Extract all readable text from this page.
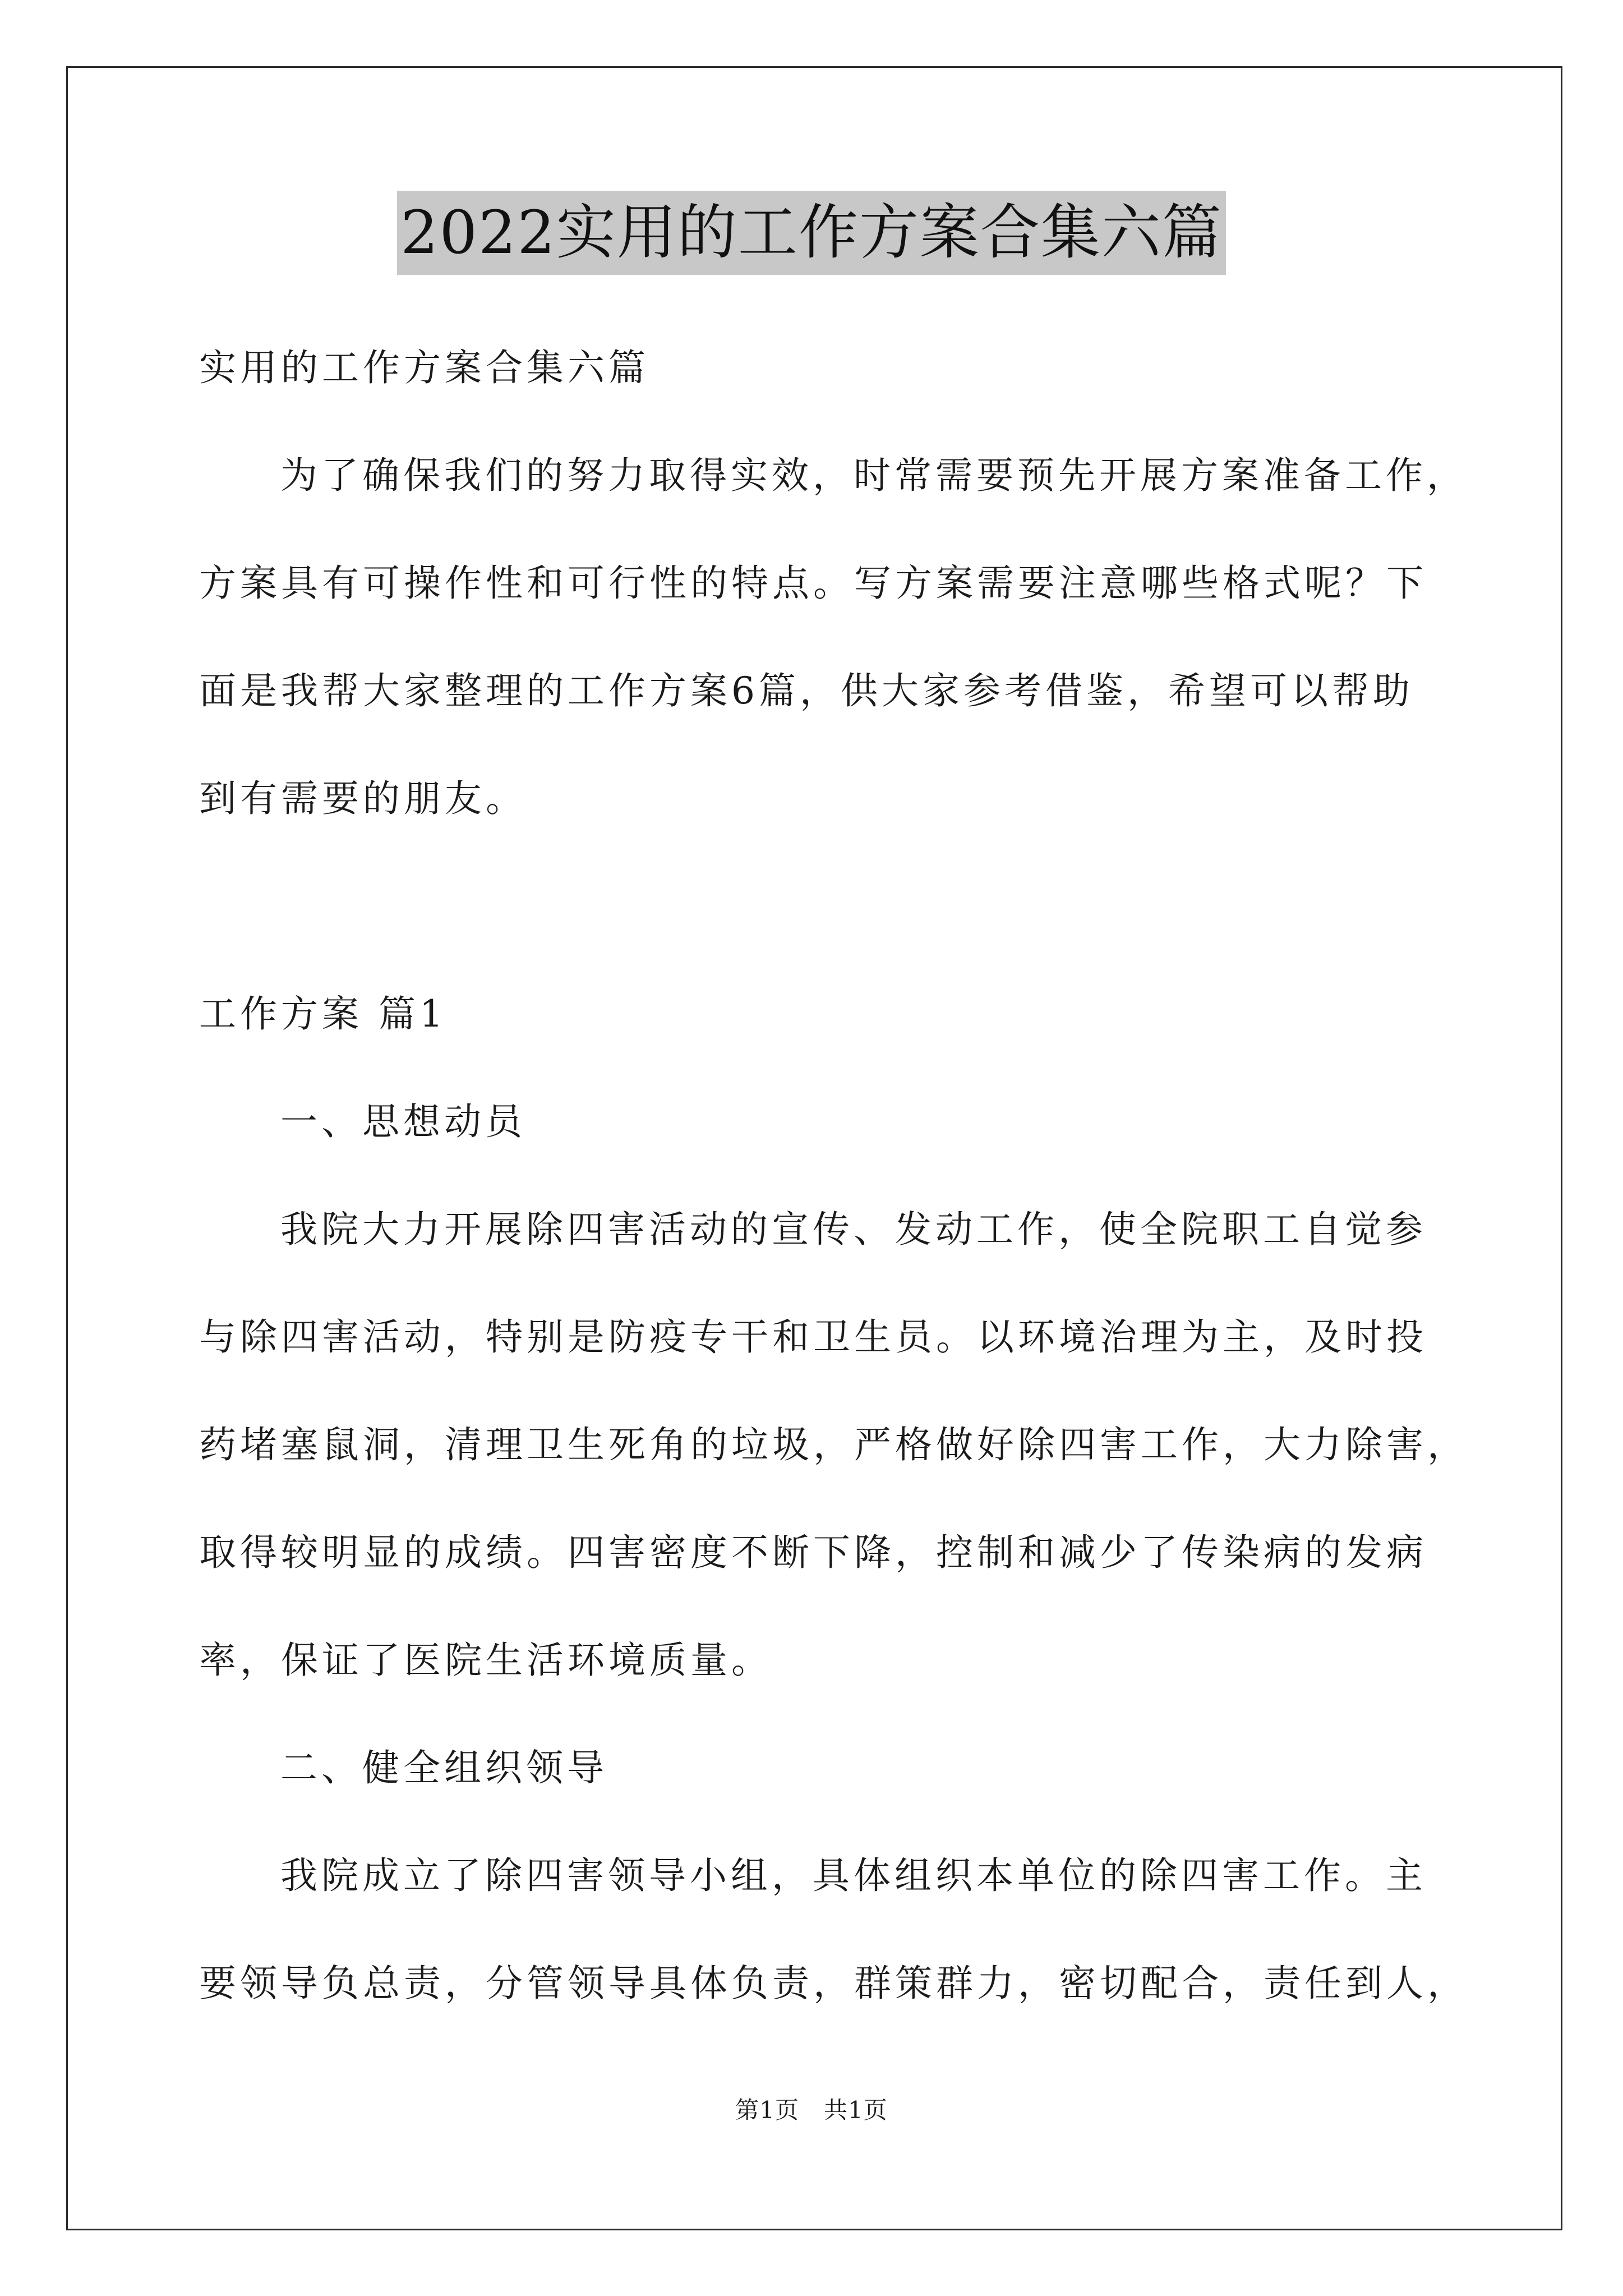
2022实用的工作方案合集六篇

实用的工作方案合集六篇

为了确保我们的努力取得实效，时常需要预先开展方案准备工作，

方案具有可操作性和可行性的特点。写方案需要注意哪些格式呢？下

面是我帮大家整理的工作方案6篇，供大家参考借鉴，希望可以帮助

到有需要的朋友。

工作方案 篇1

一、思想动员

我院大力开展除四害活动的宣传、发动工作，使全院职工自觉参

与除四害活动，特别是防疫专干和卫生员。以环境治理为主，及时投

药堵塞鼠洞，清理卫生死角的垃圾，严格做好除四害工作，大力除害，

取得较明显的成绩。四害密度不断下降，控制和减少了传染病的发病

率，保证了医院生活环境质量。

二、健全组织领导

我院成立了除四害领导小组，具体组织本单位的除四害工作。主

要领导负总责，分管领导具体负责，群策群力，密切配合，责任到人，

第1页 共1页
